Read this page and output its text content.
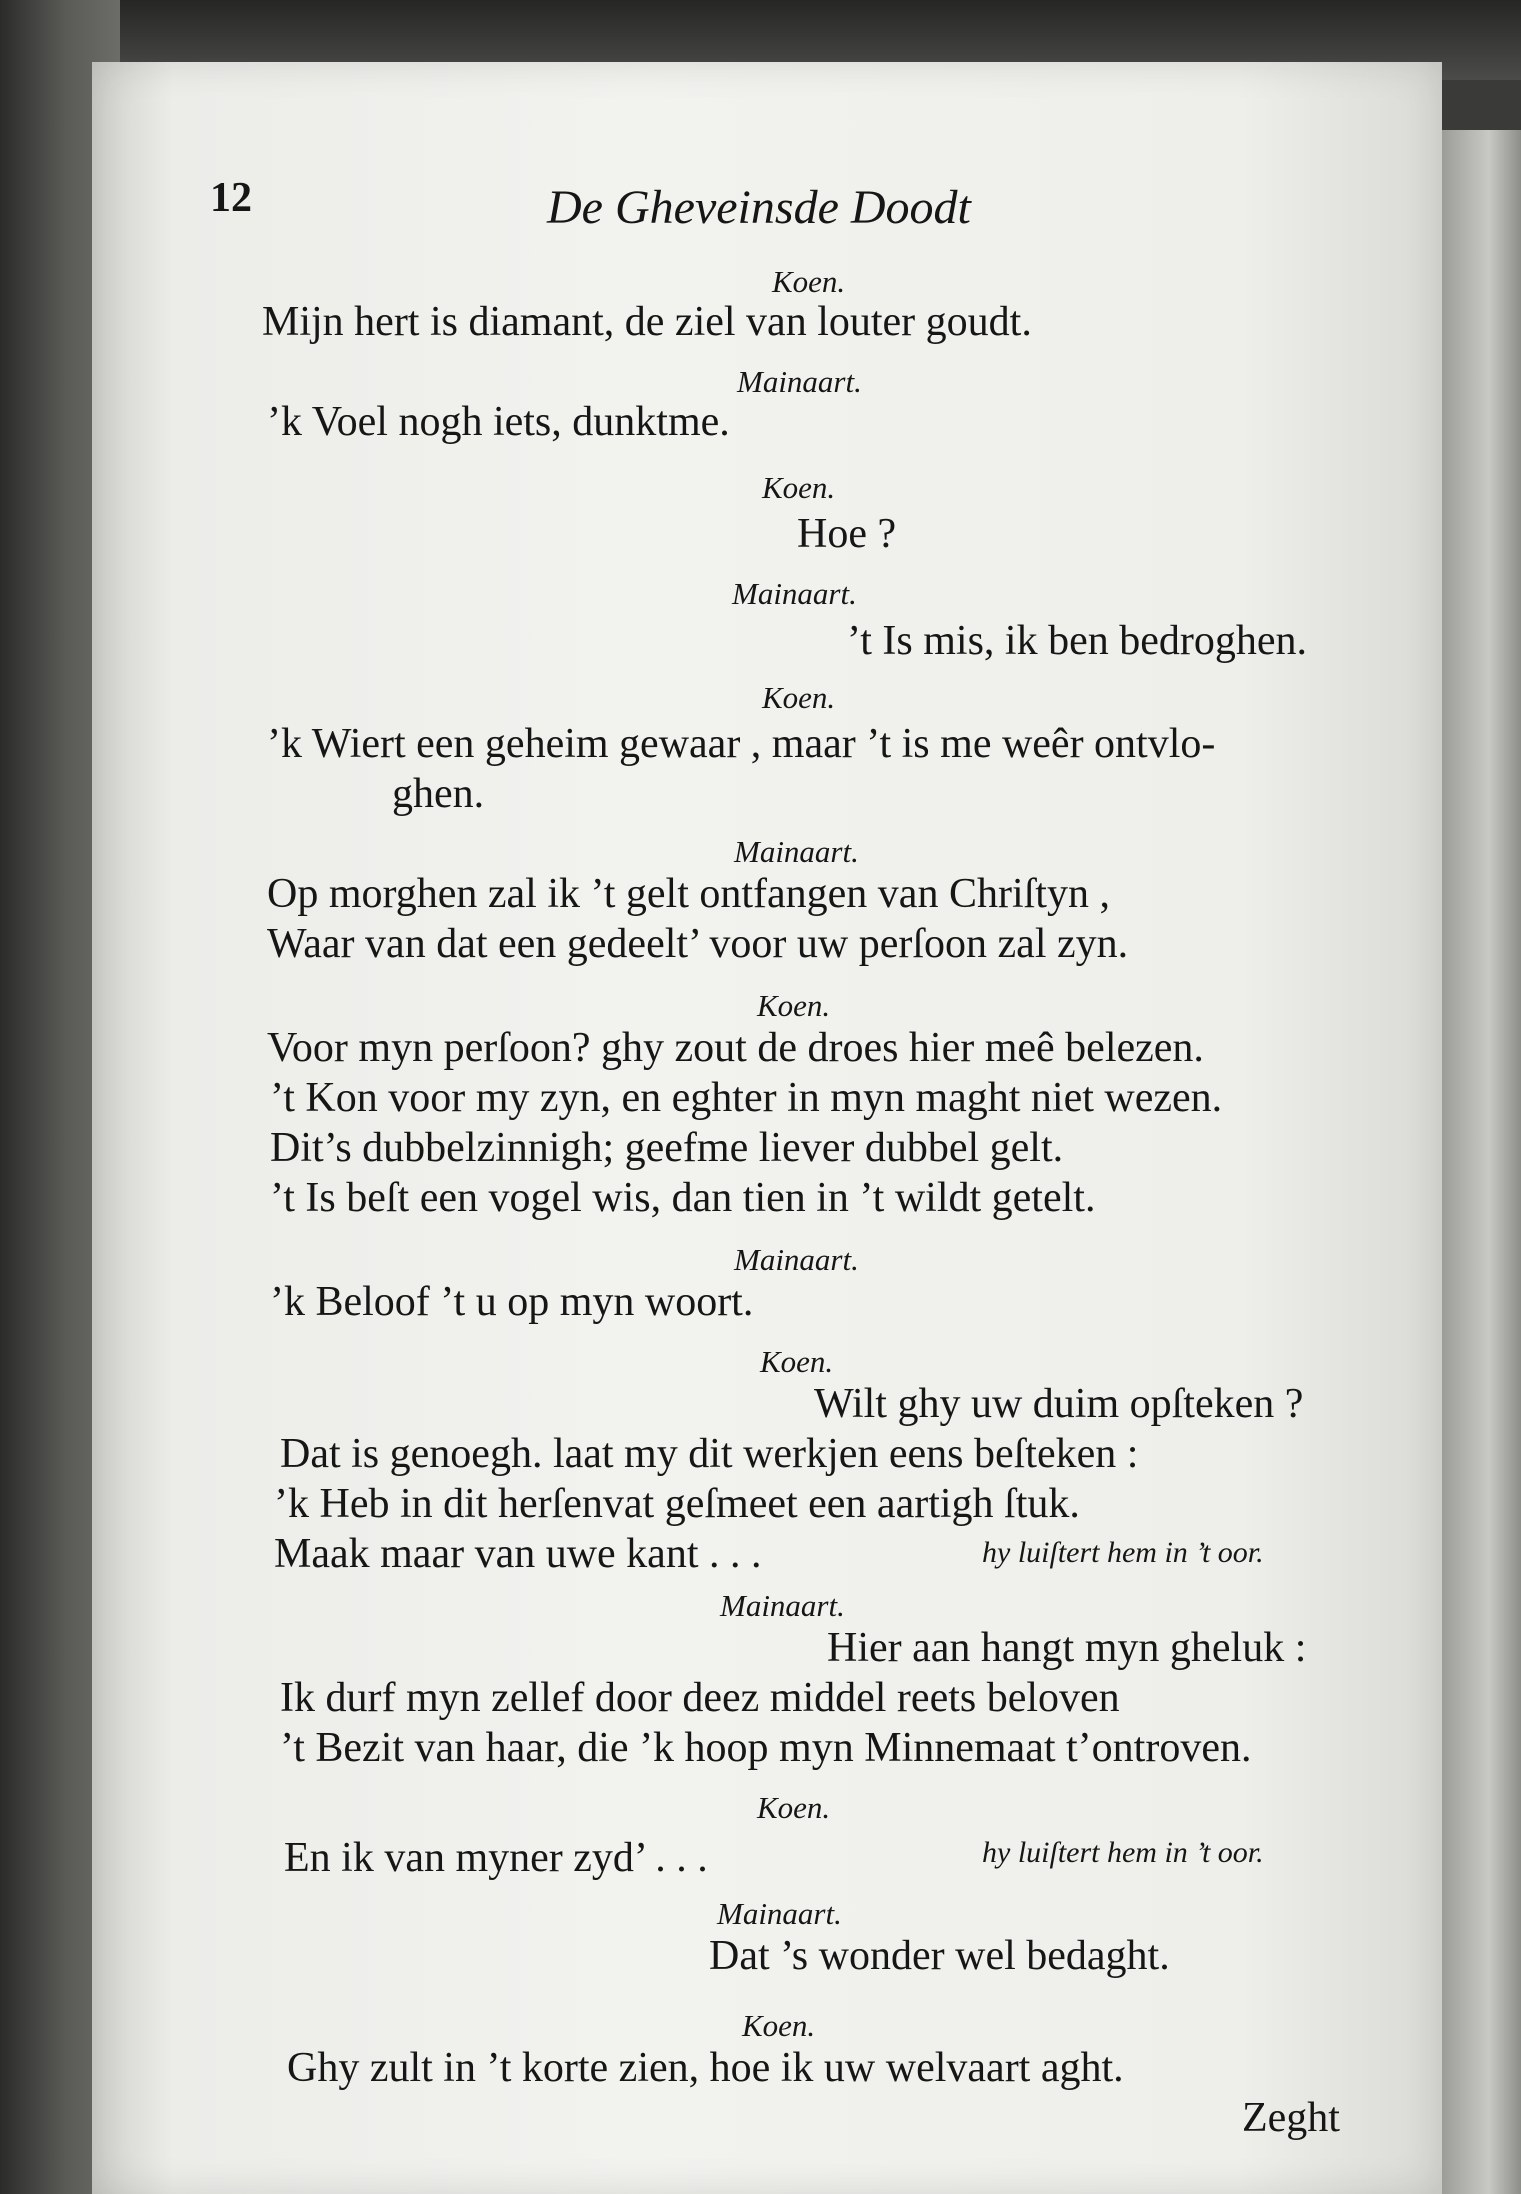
12	De Gheveinsde Doodt
Koen.
Mijn hert is diamant, de ziel van louter goudt.
Mainaart.
’k Voel nogh iets, dunktme.
Koen.
Hoe ?
Mainaart.
’t Is mis, ik ben bedroghen.
Koen.
’k Wiert een geheim gewaar , maar ’t is me weêr ontvlo-
ghen.
Mainaart.
Op morghen zal ik ’t gelt ontfangen van Chriſtyn ,
Waar van dat een gedeelt’ voor uw perſoon zal zyn.
Koen.
Voor myn perſoon? ghy zout de droes hier meê belezen.
’t Kon voor my zyn, en eghter in myn maght niet wezen.
Dit’s dubbelzinnigh; geefme liever dubbel gelt.
’t Is beſt een vogel wis, dan tien in ’t wildt getelt.
Mainaart.
’k Beloof ’t u op myn woort.
Koen.
Wilt ghy uw duim opſteken ?
Dat is genoegh. laat my dit werkjen eens beſteken :
’k Heb in dit herſenvat geſmeet een aartigh ſtuk.
Maak maar van uwe kant . . .	hy luiſtert hem in ’t oor.
Mainaart.
Hier aan hangt myn gheluk :
Ik durf myn zellef door deez middel reets beloven
’t Bezit van haar, die ’k hoop myn Minnemaat t’ontroven.
Koen.
En ik van myner zyd’ . . .	hy luiſtert hem in ’t oor.
Mainaart.
Dat ’s wonder wel bedaght.
Koen.
Ghy zult in ’t korte zien, hoe ik uw welvaart aght.
Zeght
